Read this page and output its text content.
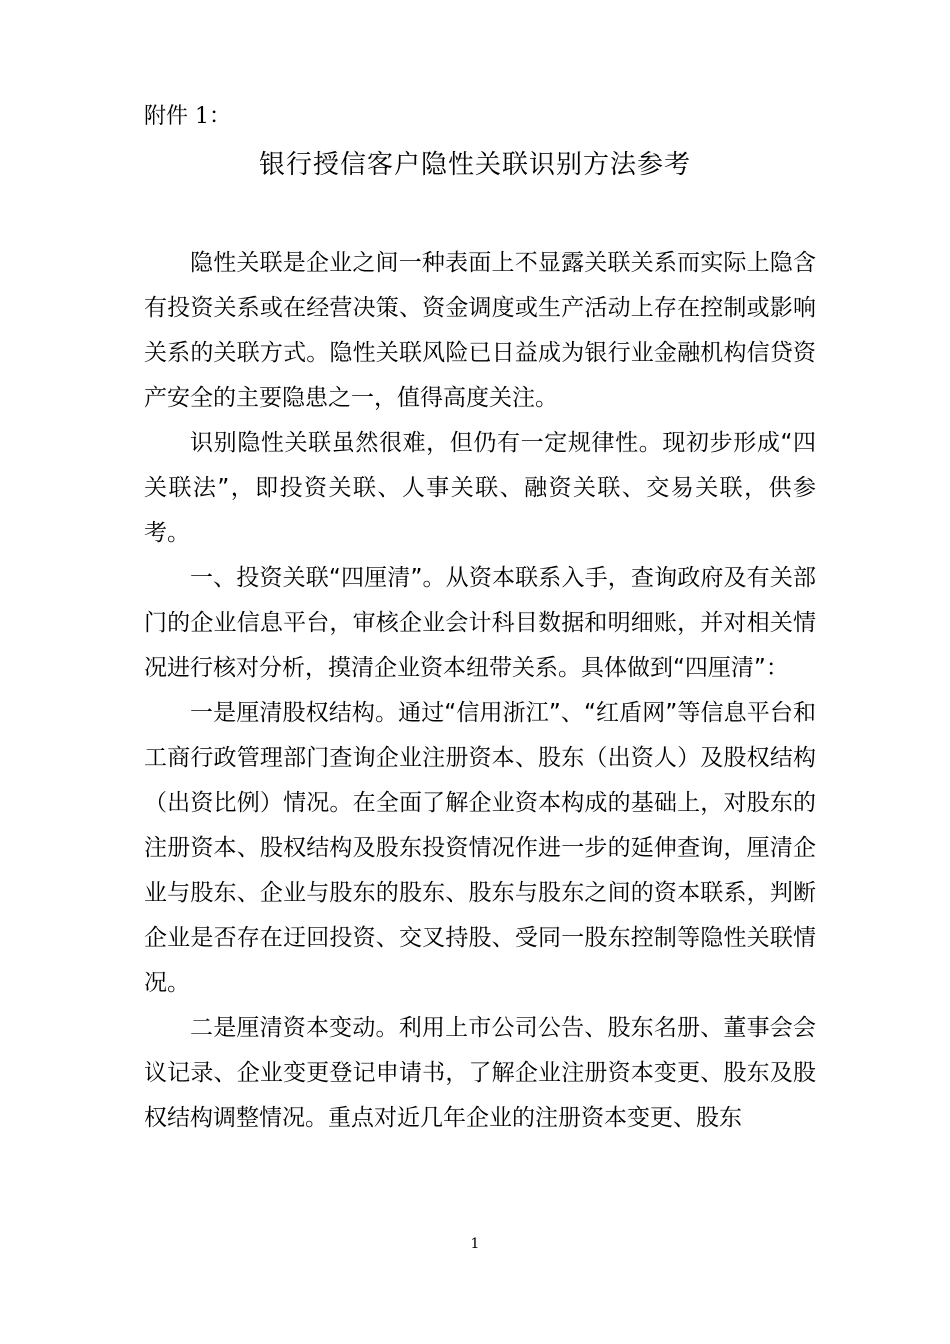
附件 1：
银行授信客户隐性关联识别方法参考

隐性关联是企业之间一种表面上不显露关联关系而实际上隐含有投资关系或在经营决策、资金调度或生产活动上存在控制或影响关系的关联方式。隐性关联风险已日益成为银行业金融机构信贷资产安全的主要隐患之一，值得高度关注。

识别隐性关联虽然很难，但仍有一定规律性。现初步形成“四关联法”，即投资关联、人事关联、融资关联、交易关联，供参考。

一、投资关联“四厘清”。从资本联系入手，查询政府及有关部门的企业信息平台，审核企业会计科目数据和明细账，并对相关情况进行核对分析，摸清企业资本纽带关系。具体做到“四厘清”：

一是厘清股权结构。通过“信用浙江”、“红盾网”等信息平台和工商行政管理部门查询企业注册资本、股东（出资人）及股权结构（出资比例）情况。在全面了解企业资本构成的基础上，对股东的注册资本、股权结构及股东投资情况作进一步的延伸查询，厘清企业与股东、企业与股东的股东、股东与股东之间的资本联系，判断企业是否存在迂回投资、交叉持股、受同一股东控制等隐性关联情况。

二是厘清资本变动。利用上市公司公告、股东名册、董事会会议记录、企业变更登记申请书，了解企业注册资本变更、股东及股权结构调整情况。重点对近几年企业的注册资本变更、股东

1
